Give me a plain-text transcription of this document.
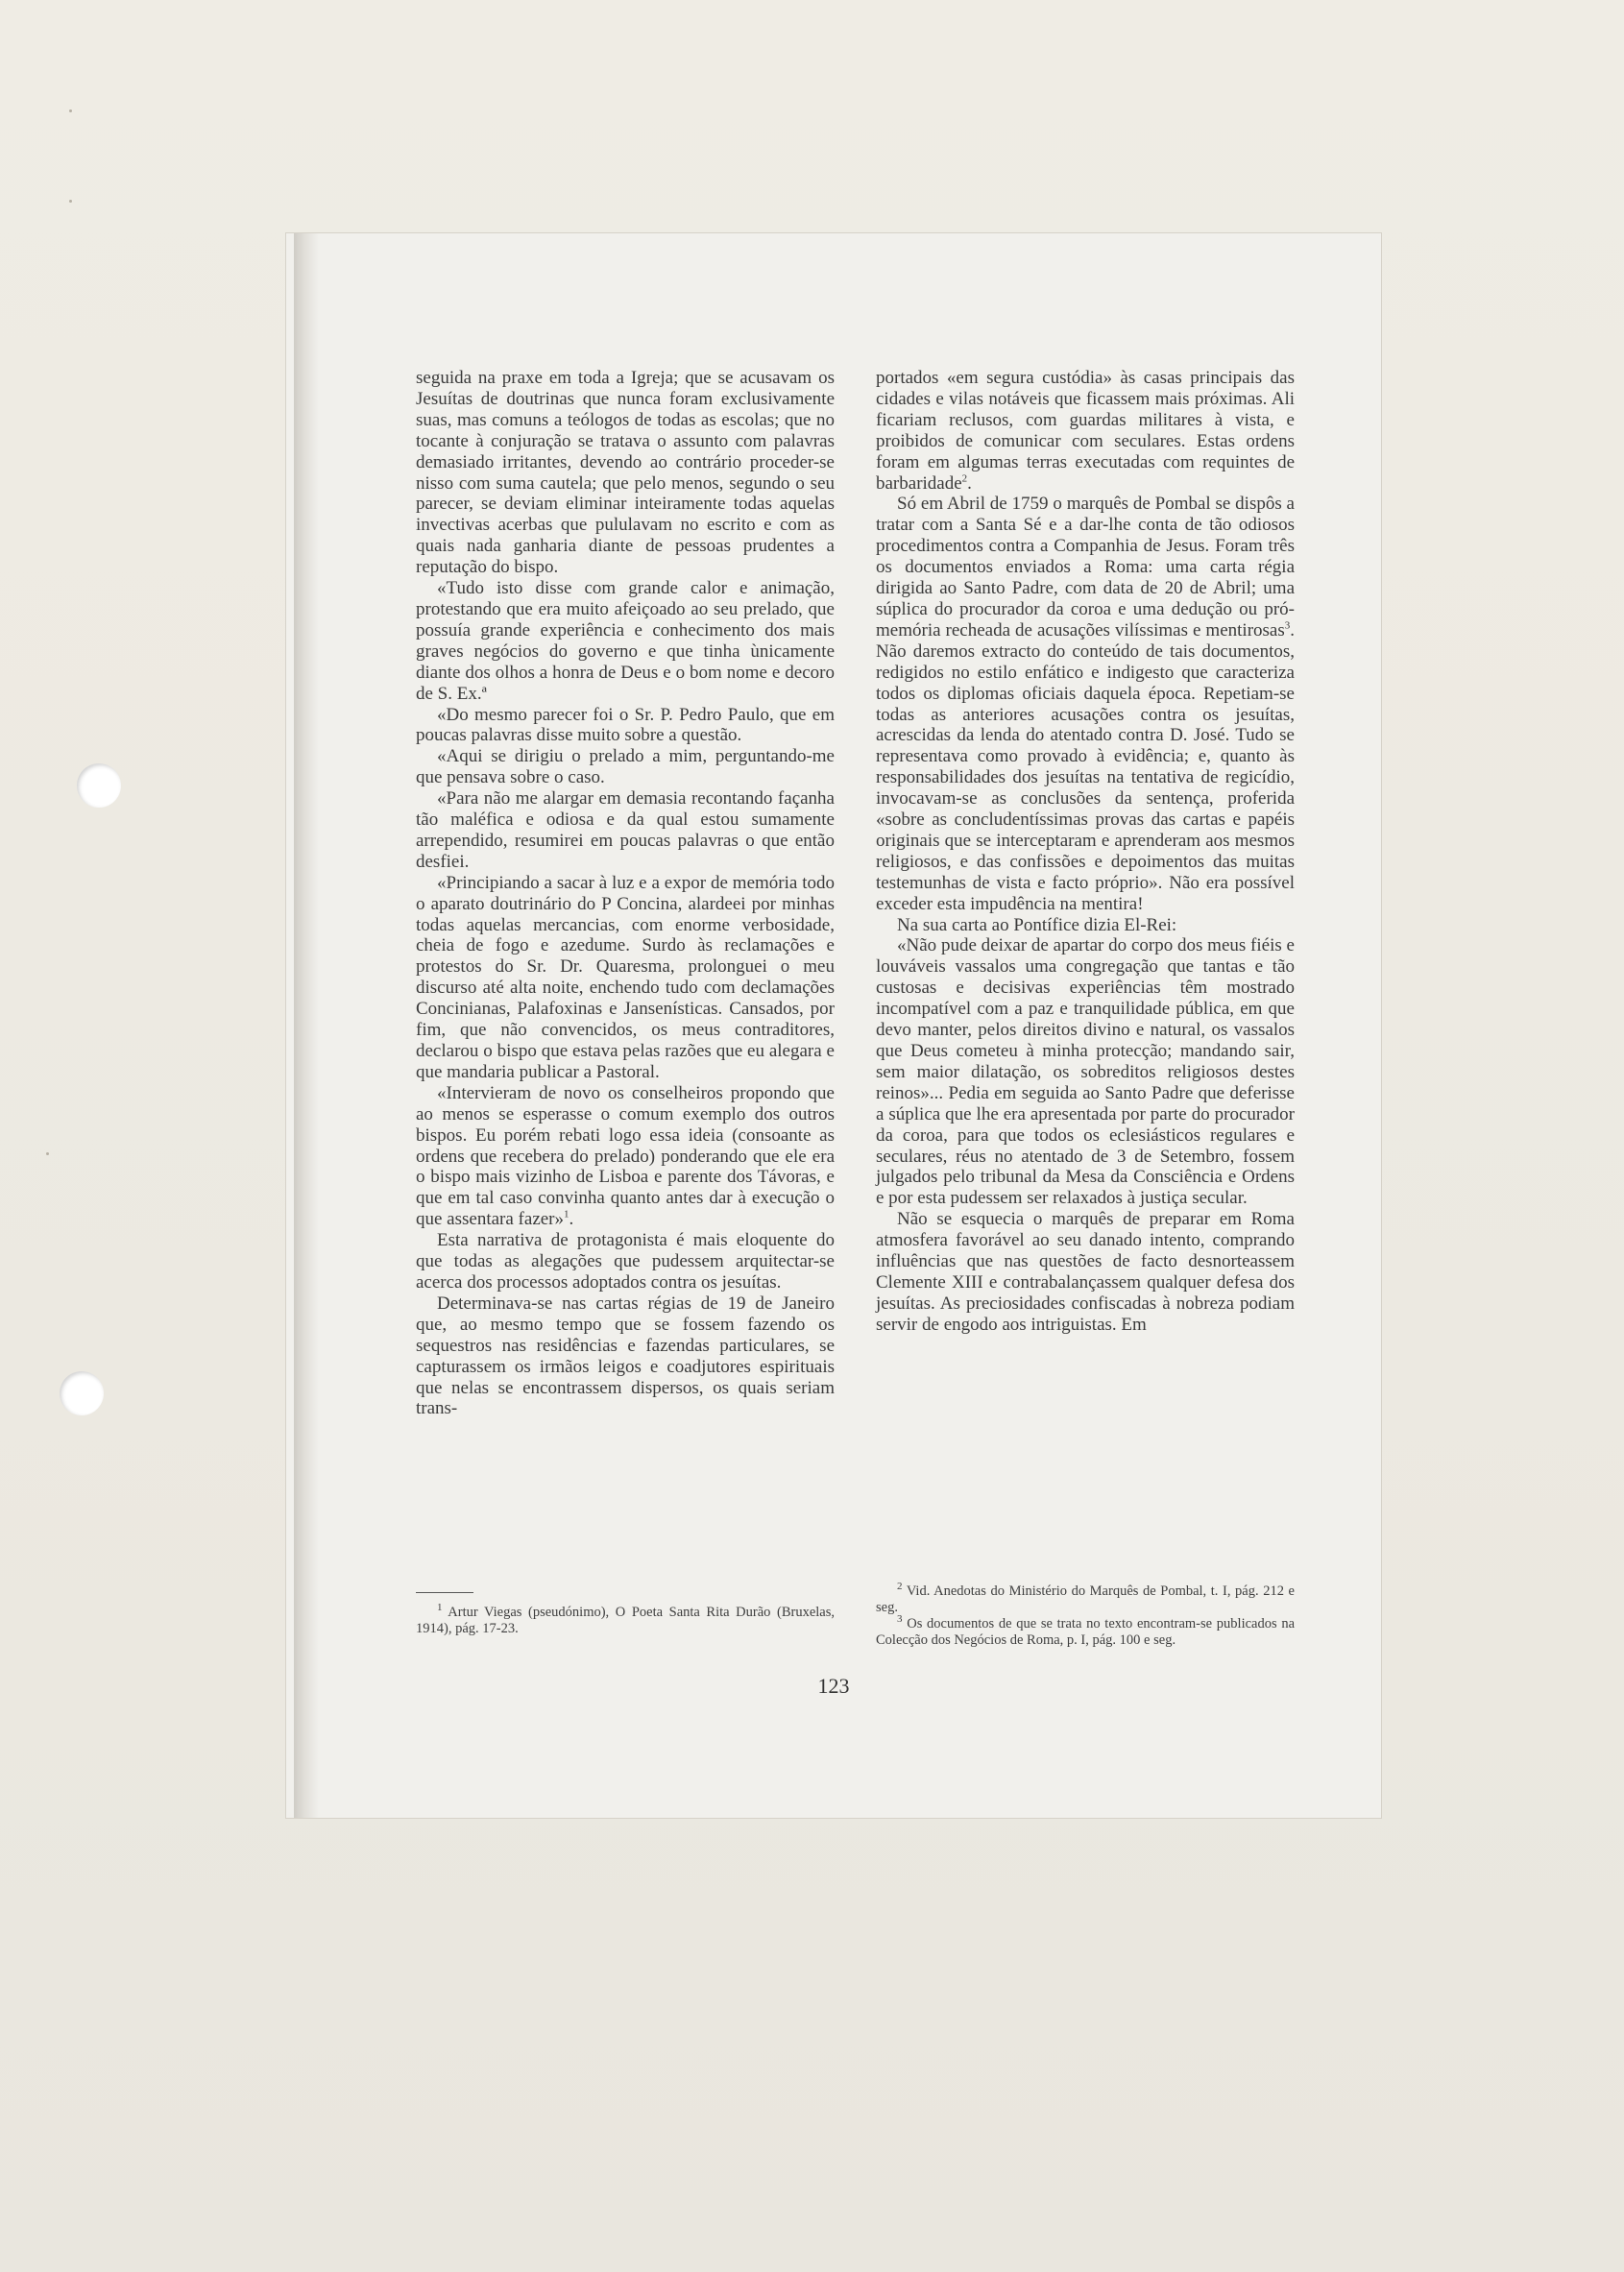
seguida na praxe em toda a Igreja; que se acusavam os Jesuítas de doutrinas que nunca foram exclusivamente suas, mas comuns a teólogos de todas as escolas; que no tocante à conjuração se tratava o assunto com palavras demasiado irritantes, devendo ao contrário proceder-se nisso com suma cautela; que pelo menos, segundo o seu parecer, se deviam eliminar inteiramente todas aquelas invectivas acerbas que pululavam no escrito e com as quais nada ganharia diante de pessoas prudentes a reputação do bispo.

«Tudo isto disse com grande calor e animação, protestando que era muito afeiçoado ao seu prelado, que possuía grande experiência e conhecimento dos mais graves negócios do governo e que tinha ùnicamente diante dos olhos a honra de Deus e o bom nome e decoro de S. Ex.ª

«Do mesmo parecer foi o Sr. P. Pedro Paulo, que em poucas palavras disse muito sobre a questão.

«Aqui se dirigiu o prelado a mim, perguntando-me que pensava sobre o caso.

«Para não me alargar em demasia recontando façanha tão maléfica e odiosa e da qual estou sumamente arrependido, resumirei em poucas palavras o que então desfiei.

«Principiando a sacar à luz e a expor de memória todo o aparato doutrinário do P Concina, alardeei por minhas todas aquelas mercancias, com enorme verbosidade, cheia de fogo e azedume. Surdo às reclamações e protestos do Sr. Dr. Quaresma, prolonguei o meu discurso até alta noite, enchendo tudo com declamações Concinianas, Palafoxinas e Jansenísticas. Cansados, por fim, que não convencidos, os meus contraditores, declarou o bispo que estava pelas razões que eu alegara e que mandaria publicar a Pastoral.

«Intervieram de novo os conselheiros propondo que ao menos se esperasse o comum exemplo dos outros bispos. Eu porém rebati logo essa ideia (consoante as ordens que recebera do prelado) ponderando que ele era o bispo mais vizinho de Lisboa e parente dos Távoras, e que em tal caso convinha quanto antes dar à execução o que assentara fazer»$^1$.

Esta narrativa de protagonista é mais eloquente do que todas as alegações que pudessem arquitectar-se acerca dos processos adoptados contra os jesuítas.

Determinava-se nas cartas régias de 19 de Janeiro que, ao mesmo tempo que se fossem fazendo os sequestros nas residências e fazendas particulares, se capturassem os irmãos leigos e coadjutores espirituais que nelas se encontrassem dispersos, os quais seriam trans-

portados «em segura custódia» às casas principais das cidades e vilas notáveis que ficassem mais próximas. Ali ficariam reclusos, com guardas militares à vista, e proibidos de comunicar com seculares. Estas ordens foram em algumas terras executadas com requintes de barbaridade$^2$.

Só em Abril de 1759 o marquês de Pombal se dispôs a tratar com a Santa Sé e a dar-lhe conta de tão odiosos procedimentos contra a Companhia de Jesus. Foram três os documentos enviados a Roma: uma carta régia dirigida ao Santo Padre, com data de 20 de Abril; uma súplica do procurador da coroa e uma dedução ou pró-memória recheada de acusações vilíssimas e mentirosas$^3$. Não daremos extracto do conteúdo de tais documentos, redigidos no estilo enfático e indigesto que caracteriza todos os diplomas oficiais daquela época. Repetiam-se todas as anteriores acusações contra os jesuítas, acrescidas da lenda do atentado contra D. José. Tudo se representava como provado à evidência; e, quanto às responsabilidades dos jesuítas na tentativa de regicídio, invocavam-se as conclusões da sentença, proferida «sobre as concludentíssimas provas das cartas e papéis originais que se interceptaram e aprenderam aos mesmos religiosos, e das confissões e depoimentos das muitas testemunhas de vista e facto próprio». Não era possível exceder esta impudência na mentira!

Na sua carta ao Pontífice dizia El-Rei:

«Não pude deixar de apartar do corpo dos meus fiéis e louváveis vassalos uma congregação que tantas e tão custosas e decisivas experiências têm mostrado incompatível com a paz e tranquilidade pública, em que devo manter, pelos direitos divino e natural, os vassalos que Deus cometeu à minha protecção; mandando sair, sem maior dilatação, os sobreditos religiosos destes reinos»... Pedia em seguida ao Santo Padre que deferisse a súplica que lhe era apresentada por parte do procurador da coroa, para que todos os eclesiásticos regulares e seculares, réus no atentado de 3 de Setembro, fossem julgados pelo tribunal da Mesa da Consciência e Ordens e por esta pudessem ser relaxados à justiça secular.

Não se esquecia o marquês de preparar em Roma atmosfera favorável ao seu danado intento, comprando influências que nas questões de facto desnorteassem Clemente XIII e contrabalançassem qualquer defesa dos jesuítas. As preciosidades confiscadas à nobreza podiam servir de engodo aos intriguistas. Em

$^1$ Artur Viegas (pseudónimo), O Poeta Santa Rita Durão (Bruxelas, 1914), pág. 17-23.

$^2$ Vid. Anedotas do Ministério do Marquês de Pombal, t. I, pág. 212 e seg.

$^3$ Os documentos de que se trata no texto encontram-se publicados na Colecção dos Negócios de Roma, p. I, pág. 100 e seg.

123
